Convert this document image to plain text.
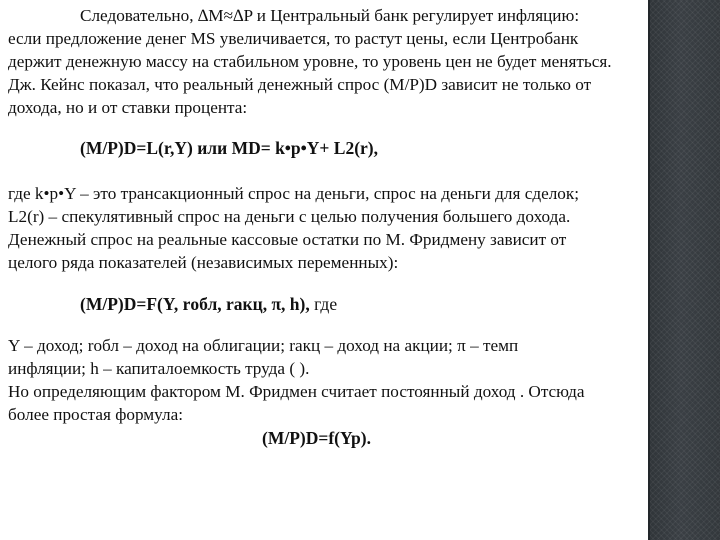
Следовательно, ∆M≈∆P и Центральный банк регулирует инфляцию:
если предложение денег MS увеличивается, то растут цены, если Центробанк
держит денежную массу на стабильном уровне, то уровень цен не будет меняться.
Дж. Кейнс показал, что реальный денежный спрос (M/P)D зависит не только от
дохода, но и от ставки процента:
(M/P)D=L(r,Y) или MD= k•p•Y+ L2(r),
где k•p•Y – это трансакционный спрос на деньги, спрос на деньги для сделок;
L2(r) – спекулятивный спрос на деньги с целью получения большего дохода.
Денежный спрос на реальные кассовые остатки по М. Фридмену зависит от
целого ряда показателей (независимых переменных):
(M/P)D=F(Y, rобл, rакц, π, h), где
Y – доход; rобл – доход на облигации; rакц – доход на акции; π – темп
инфляции; h – капиталоемкость труда ( ).
Но определяющим фактором М. Фридмен считает постоянный доход . Отсюда
более простая формула:
(M/P)D=f(Yp).
